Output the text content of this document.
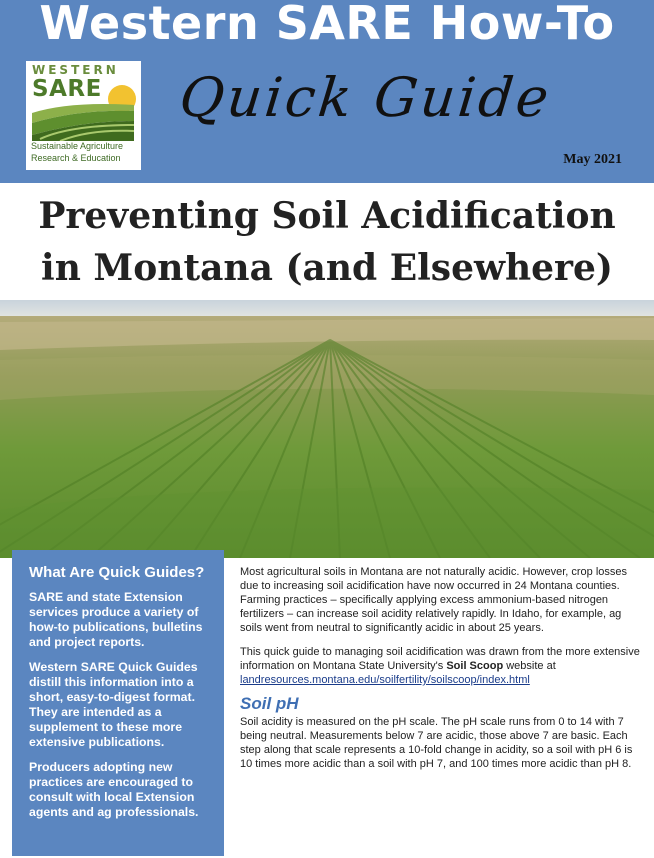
Western SARE How-To
WESTERN
SARE
Sustainable Agriculture
Research & Education
Quick Guide
May 2021
Preventing Soil Acidification
in Montana (and Elsewhere)
What Are Quick Guides?

SARE and state Extension services produce a variety of how-to publications, bulletins and project reports.

Western SARE Quick Guides distill this information into a short, easy-to-digest format. They are intended as a supplement to these more extensive publications.

Producers adopting new practices are encouraged to consult with local Extension agents and ag professionals.

Most agricultural soils in Montana are not naturally acidic. However, crop losses due to increasing soil acidification have now occurred in 24 Montana counties. Farming practices – specifically applying excess ammonium-based nitrogen fertilizers – can increase soil acidity relatively rapidly. In Idaho, for example, ag soils went from neutral to significantly acidic in about 25 years.

This quick guide to managing soil acidification was drawn from the more extensive information on Montana State University's Soil Scoop website at landresources.montana.edu/soilfertility/soilscoop/index.html

Soil pH

Soil acidity is measured on the pH scale. The pH scale runs from 0 to 14 with 7 being neutral. Measurements below 7 are acidic, those above 7 are basic. Each step along that scale represents a 10-fold change in acidity, so a soil with pH 6 is 10 times more acidic than a soil with pH 7, and 100 times more acidic than pH 8.
